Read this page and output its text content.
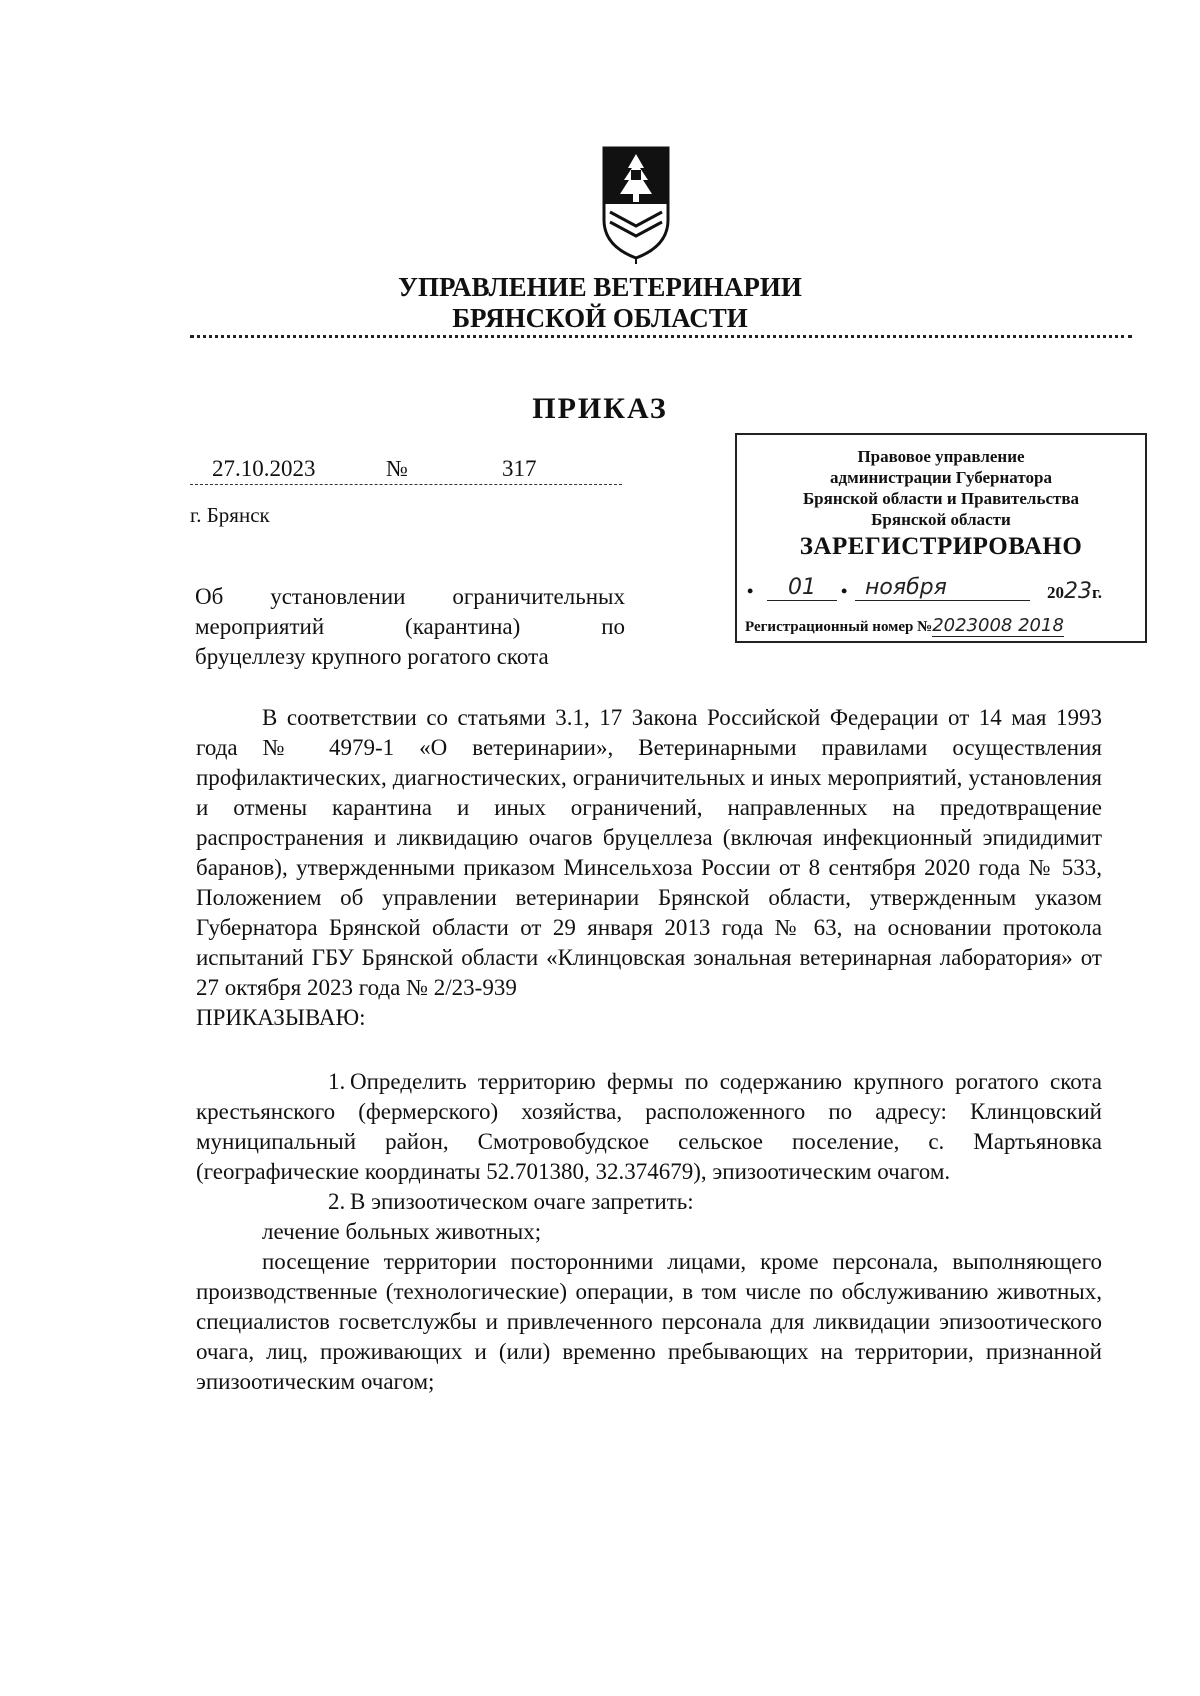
УПРАВЛЕНИЕ ВЕТЕРИНАРИИ
БРЯНСКОЙ ОБЛАСТИ
ПРИКАЗ
27.10.2023	№	317
г. Брянск
Об установлении ограничительных
мероприятий (карантина) по
бруцеллезу крупного рогатого скота
Правовое управление
администрации Губернатора
Брянской области и Правительства
Брянской области
ЗАРЕГИСТРИРОВАНО
•	01	• ноября	2023г.
Регистрационный номер №2023008 2018

В соответствии со статьями 3.1, 17 Закона Российской Федерации от 14 мая 1993 года № 4979-1 «О ветеринарии», Ветеринарными правилами осуществления профилактических, диагностических, ограничительных и иных мероприятий, установления и отмены карантина и иных ограничений, направленных на предотвращение распространения и ликвидацию очагов бруцеллеза (включая инфекционный эпидидимит баранов), утвержденными приказом Минсельхоза России от 8 сентября 2020 года № 533, Положением об управлении ветеринарии Брянской области, утвержденным указом Губернатора Брянской области от 29 января 2013 года № 63, на основании протокола испытаний ГБУ Брянской области «Клинцовская зональная ветеринарная лаборатория» от 27 октября 2023 года № 2/23-939

ПРИКАЗЫВАЮ:

1. Определить территорию фермы по содержанию крупного рогатого скота крестьянского (фермерского) хозяйства, расположенного по адресу: Клинцовский муниципальный район, Смотровобудское сельское поселение, с. Мартьяновка (географические координаты 52.701380, 32.374679), эпизоотическим очагом.

2. В эпизоотическом очаге запретить:

лечение больных животных;

посещение территории посторонними лицами, кроме персонала, выполняющего производственные (технологические) операции, в том числе по обслуживанию животных, специалистов госветслужбы и привлеченного персонала для ликвидации эпизоотического очага, лиц, проживающих и (или) временно пребывающих на территории, признанной эпизоотическим очагом;
